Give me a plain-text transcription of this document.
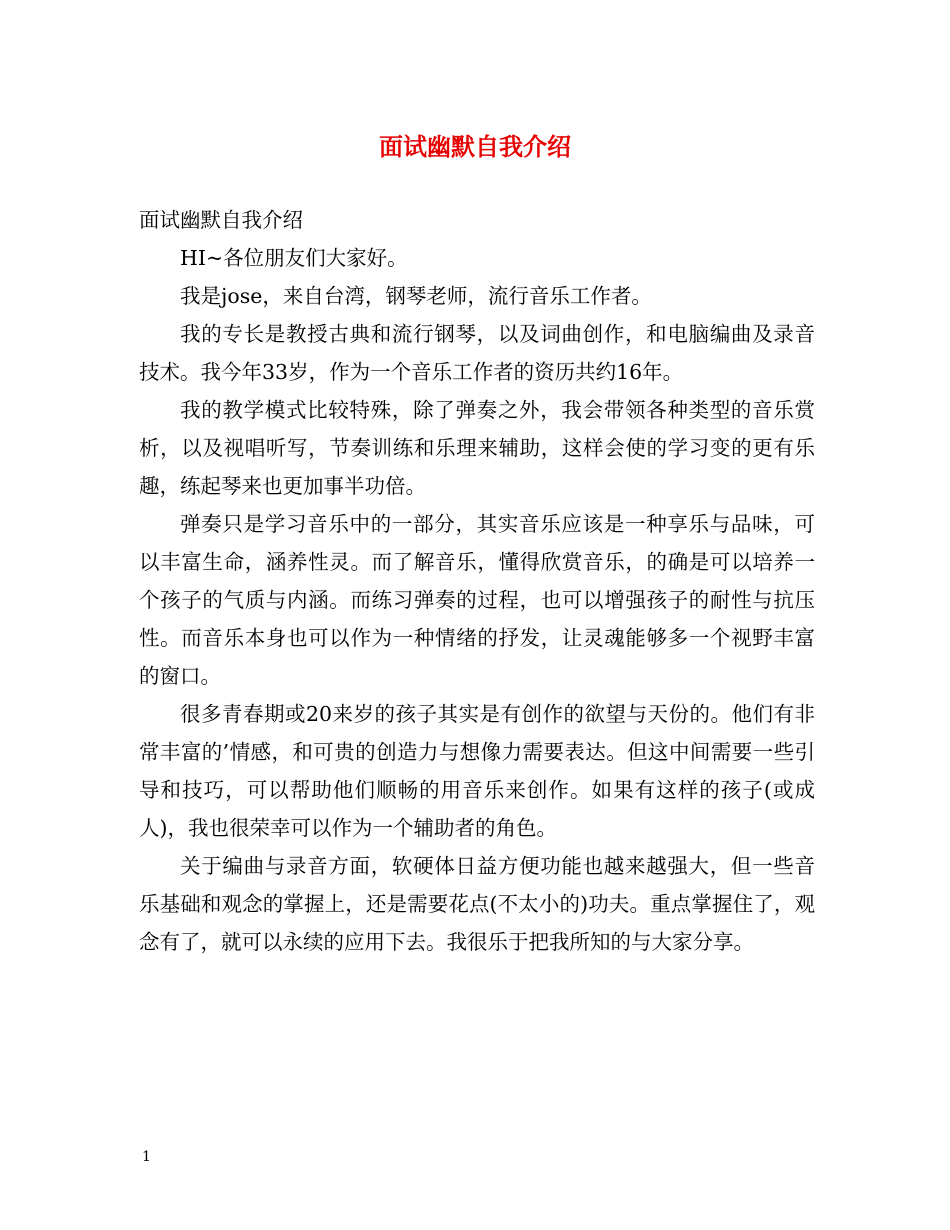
面试幽默自我介绍

面试幽默自我介绍

HI~各位朋友们大家好。

我是jose，来自台湾，钢琴老师，流行音乐工作者。

我的专长是教授古典和流行钢琴，以及词曲创作，和电脑编曲及录音技术。我今年33岁，作为一个音乐工作者的资历共约16年。

我的教学模式比较特殊，除了弹奏之外，我会带领各种类型的音乐赏析，以及视唱听写，节奏训练和乐理来辅助，这样会使的学习变的更有乐趣，练起琴来也更加事半功倍。

弹奏只是学习音乐中的一部分，其实音乐应该是一种享乐与品味，可以丰富生命，涵养性灵。而了解音乐，懂得欣赏音乐，的确是可以培养一个孩子的气质与内涵。而练习弹奏的过程，也可以增强孩子的耐性与抗压性。而音乐本身也可以作为一种情绪的抒发，让灵魂能够多一个视野丰富的窗口。

很多青春期或20来岁的孩子其实是有创作的欲望与天份的。他们有非常丰富的’情感，和可贵的创造力与想像力需要表达。但这中间需要一些引导和技巧，可以帮助他们顺畅的用音乐来创作。如果有这样的孩子(或成人)，我也很荣幸可以作为一个辅助者的角色。

关于编曲与录音方面，软硬体日益方便功能也越来越强大，但一些音乐基础和观念的掌握上，还是需要花点(不太小的)功夫。重点掌握住了，观念有了，就可以永续的应用下去。我很乐于把我所知的与大家分享。

1
